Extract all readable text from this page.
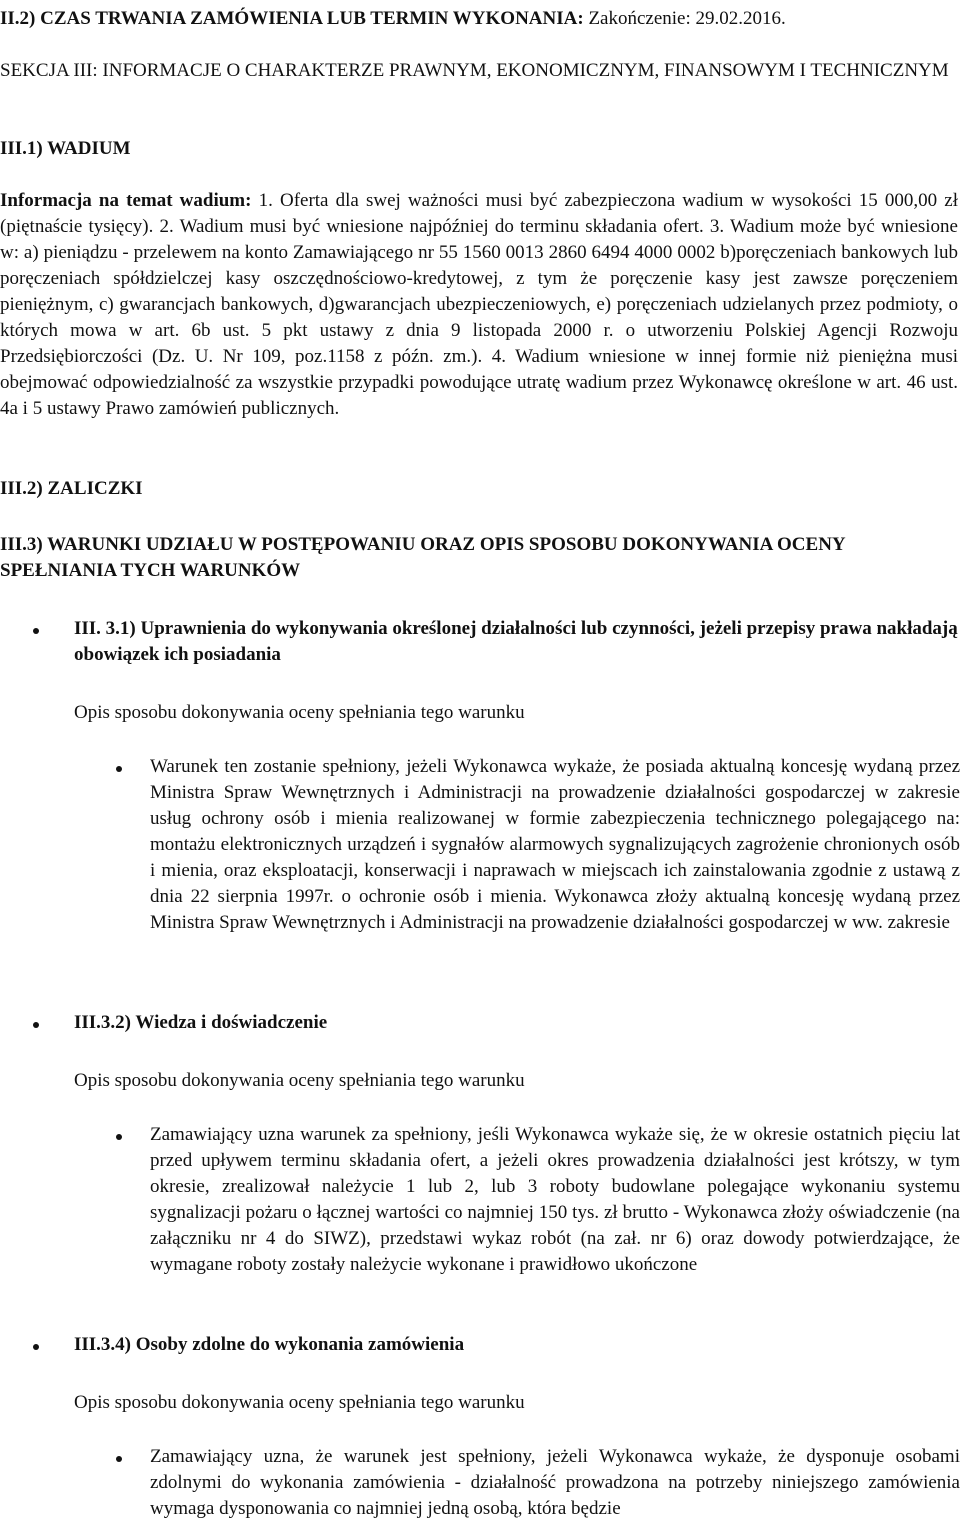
II.2) CZAS TRWANIA ZAMÓWIENIA LUB TERMIN WYKONANIA: Zakończenie: 29.02.2016.

SEKCJA III: INFORMACJE O CHARAKTERZE PRAWNYM, EKONOMICZNYM, FINANSOWYM I TECHNICZNYM

III.1) WADIUM

Informacja na temat wadium: 1. Oferta dla swej ważności musi być zabezpieczona wadium w wysokości 15 000,00 zł (piętnaście tysięcy). 2. Wadium musi być wniesione najpóźniej do terminu składania ofert. 3. Wadium może być wniesione w: a) pieniądzu - przelewem na konto Zamawiającego nr 55 1560 0013 2860 6494 4000 0002 b)poręczeniach bankowych lub poręczeniach spółdzielczej kasy oszczędnościowo-kredytowej, z tym że poręczenie kasy jest zawsze poręczeniem pieniężnym, c) gwarancjach bankowych, d)gwarancjach ubezpieczeniowych, e) poręczeniach udzielanych przez podmioty, o których mowa w art. 6b ust. 5 pkt ustawy z dnia 9 listopada 2000 r. o utworzeniu Polskiej Agencji Rozwoju Przedsiębiorczości (Dz. U. Nr 109, poz.1158 z późn. zm.). 4. Wadium wniesione w innej formie niż pieniężna musi obejmować odpowiedzialność za wszystkie przypadki powodujące utratę wadium przez Wykonawcę określone w art. 46 ust. 4a i 5 ustawy Prawo zamówień publicznych.

III.2) ZALICZKI

III.3) WARUNKI UDZIAŁU W POSTĘPOWANIU ORAZ OPIS SPOSOBU DOKONYWANIA OCENY SPEŁNIANIA TYCH WARUNKÓW

III. 3.1) Uprawnienia do wykonywania określonej działalności lub czynności, jeżeli przepisy prawa nakładają obowiązek ich posiadania

Opis sposobu dokonywania oceny spełniania tego warunku

Warunek ten zostanie spełniony, jeżeli Wykonawca wykaże, że posiada aktualną koncesję wydaną przez Ministra Spraw Wewnętrznych i Administracji na prowadzenie działalności gospodarczej w zakresie usług ochrony osób i mienia realizowanej w formie zabezpieczenia technicznego polegającego na: montażu elektronicznych urządzeń i sygnałów alarmowych sygnalizujących zagrożenie chronionych osób i mienia, oraz eksploatacji, konserwacji i naprawach w miejscach ich zainstalowania zgodnie z ustawą z dnia 22 sierpnia 1997r. o ochronie osób i mienia. Wykonawca złoży aktualną koncesję wydaną przez Ministra Spraw Wewnętrznych i Administracji na prowadzenie działalności gospodarczej w ww. zakresie

III.3.2) Wiedza i doświadczenie

Opis sposobu dokonywania oceny spełniania tego warunku

Zamawiający uzna warunek za spełniony, jeśli Wykonawca wykaże się, że w okresie ostatnich pięciu lat przed upływem terminu składania ofert, a jeżeli okres prowadzenia działalności jest krótszy, w tym okresie, zrealizował należycie 1 lub 2, lub 3 roboty budowlane polegające wykonaniu systemu sygnalizacji pożaru o łącznej wartości co najmniej 150 tys. zł brutto - Wykonawca złoży oświadczenie (na załączniku nr 4 do SIWZ), przedstawi wykaz robót (na zał. nr 6) oraz dowody potwierdzające, że wymagane roboty zostały należycie wykonane i prawidłowo ukończone

III.3.4) Osoby zdolne do wykonania zamówienia

Opis sposobu dokonywania oceny spełniania tego warunku

Zamawiający uzna, że warunek jest spełniony, jeżeli Wykonawca wykaże, że dysponuje osobami zdolnymi do wykonania zamówienia - działalność prowadzona na potrzeby niniejszego zamówienia wymaga dysponowania co najmniej jedną osobą, która będzie
